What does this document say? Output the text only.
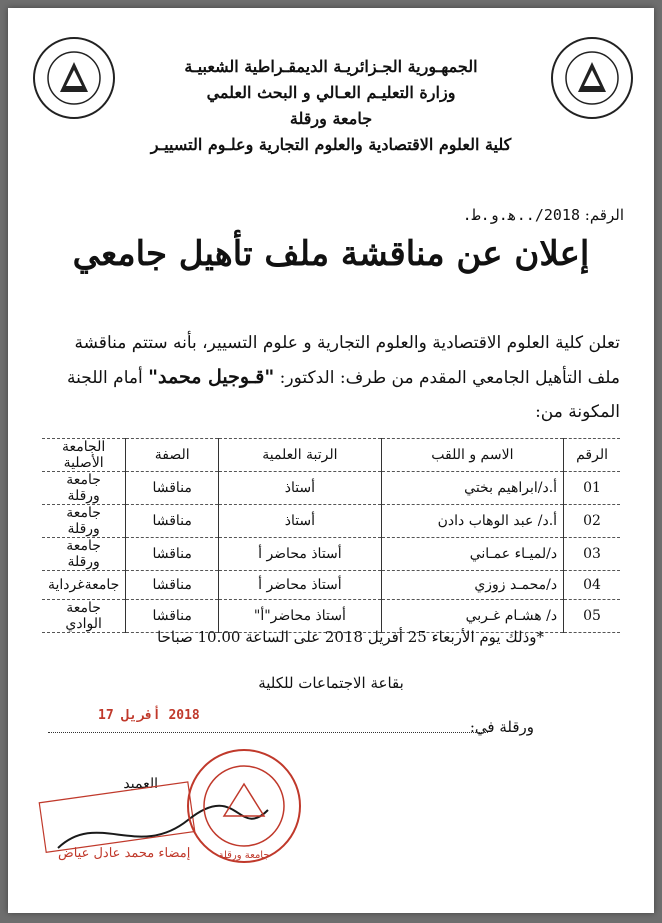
الجمهـورية الجـزائريـة الديمقـراطية الشعبيـة
وزارة التعليـم العـالي و البحث العلمي
جامعة ورقلة
كلية العلوم الاقتصادية والعلوم التجارية وعلـوم التسييـر
الرقم: 2018/..ﻫ.ﻭ.ﻁ.
إعلان عن مناقشة ملف تأهيل جامعي
تعلن كلية العلوم الاقتصادية والعلوم التجارية و علوم التسيير، بأنه ستتم مناقشة
ملف التأهيل الجامعي المقدم من طرف: الدكتور: "قـوجيل محمد" أمام اللجنة
المكونة من:
الرقم	الاسم و اللقب	الرتبة العلمية	الصفة	الجامعة الأصلية
01	أ.د/ابراهيم بختي	أستاذ	مناقشا	جامعة ورقلة
02	أ.د/ عبد الوهاب دادن	أستاذ	مناقشا	جامعة ورقلة
03	د/لميـاء عمـاني	أستاذ محاضر أ	مناقشا	جامعة ورقلة
04	د/محمـد زوزي	أستاذ محاضر أ	مناقشا	جامعةغرداية
05	د/ هشـام غـربي	أستاذ محاضر"أ"	مناقشا	جامعة الوادي
*وذلك يوم الأربعاء 25 أفريل 2018 على الساعة 10.00 صباحا
بقاعة الاجتماعات للكلية
ورقلة في:
2018 أفريل 17
العميد
جامعة ورقلة
إمضاء محمد عادل عياض
